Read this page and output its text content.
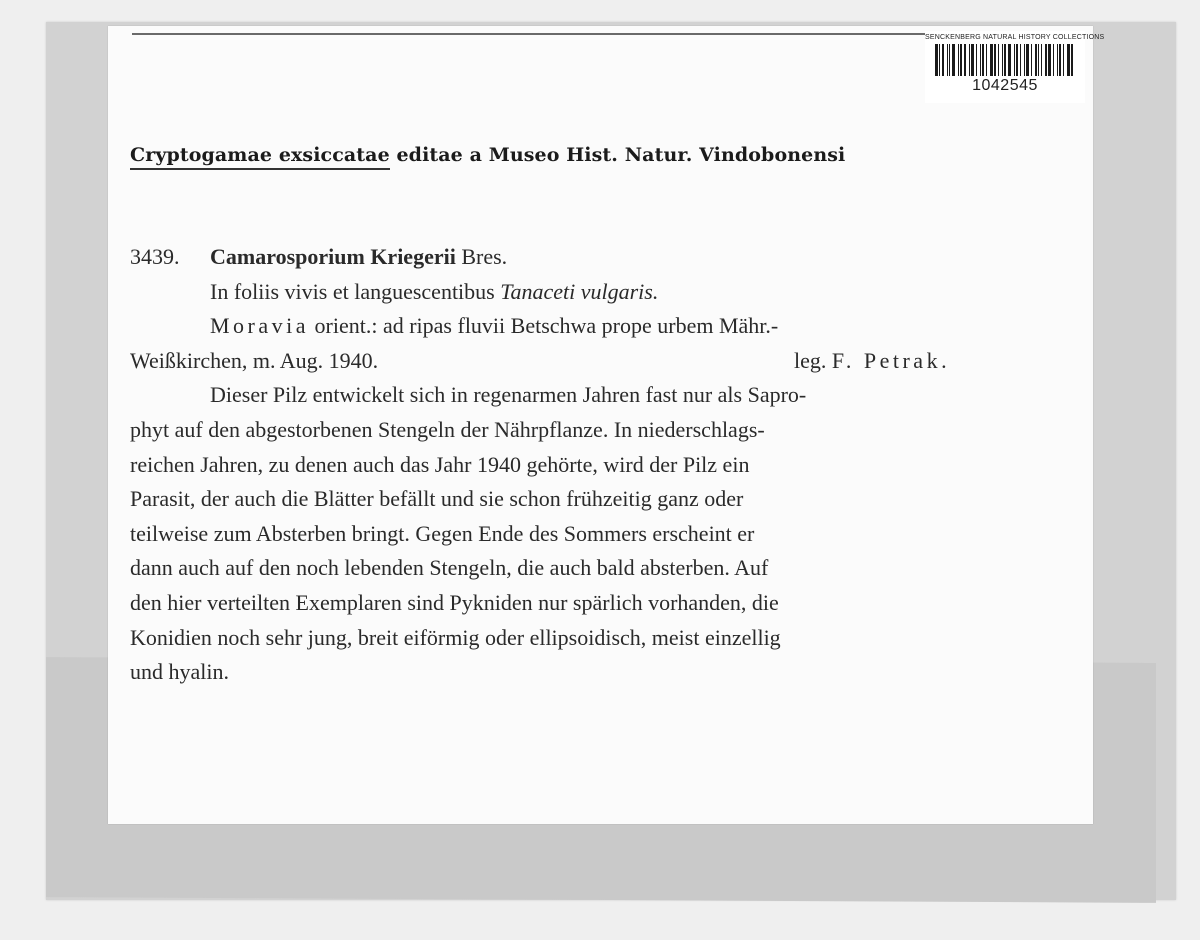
SENCKENBERG NATURAL HISTORY COLLECTIONS
1042545
Cryptogamae exsiccatae editae a Museo Hist. Natur. Vindobonensi
3439. Camarosporium Kriegerii Bres.
In foliis vivis et languescentibus Tanaceti vulgaris.
Moravia orient.: ad ripas fluvii Betschwa prope urbem Mähr.-
Weißkirchen, m. Aug. 1940.	leg. F. Petrak.
Dieser Pilz entwickelt sich in regenarmen Jahren fast nur als Sapro-
phyt auf den abgestorbenen Stengeln der Nährpflanze. In niederschlags-
reichen Jahren, zu denen auch das Jahr 1940 gehörte, wird der Pilz ein
Parasit, der auch die Blätter befällt und sie schon frühzeitig ganz oder
teilweise zum Absterben bringt. Gegen Ende des Sommers erscheint er
dann auch auf den noch lebenden Stengeln, die auch bald absterben. Auf
den hier verteilten Exemplaren sind Pykniden nur spärlich vorhanden, die
Konidien noch sehr jung, breit eiförmig oder ellipsoidisch, meist einzellig
und hyalin.
